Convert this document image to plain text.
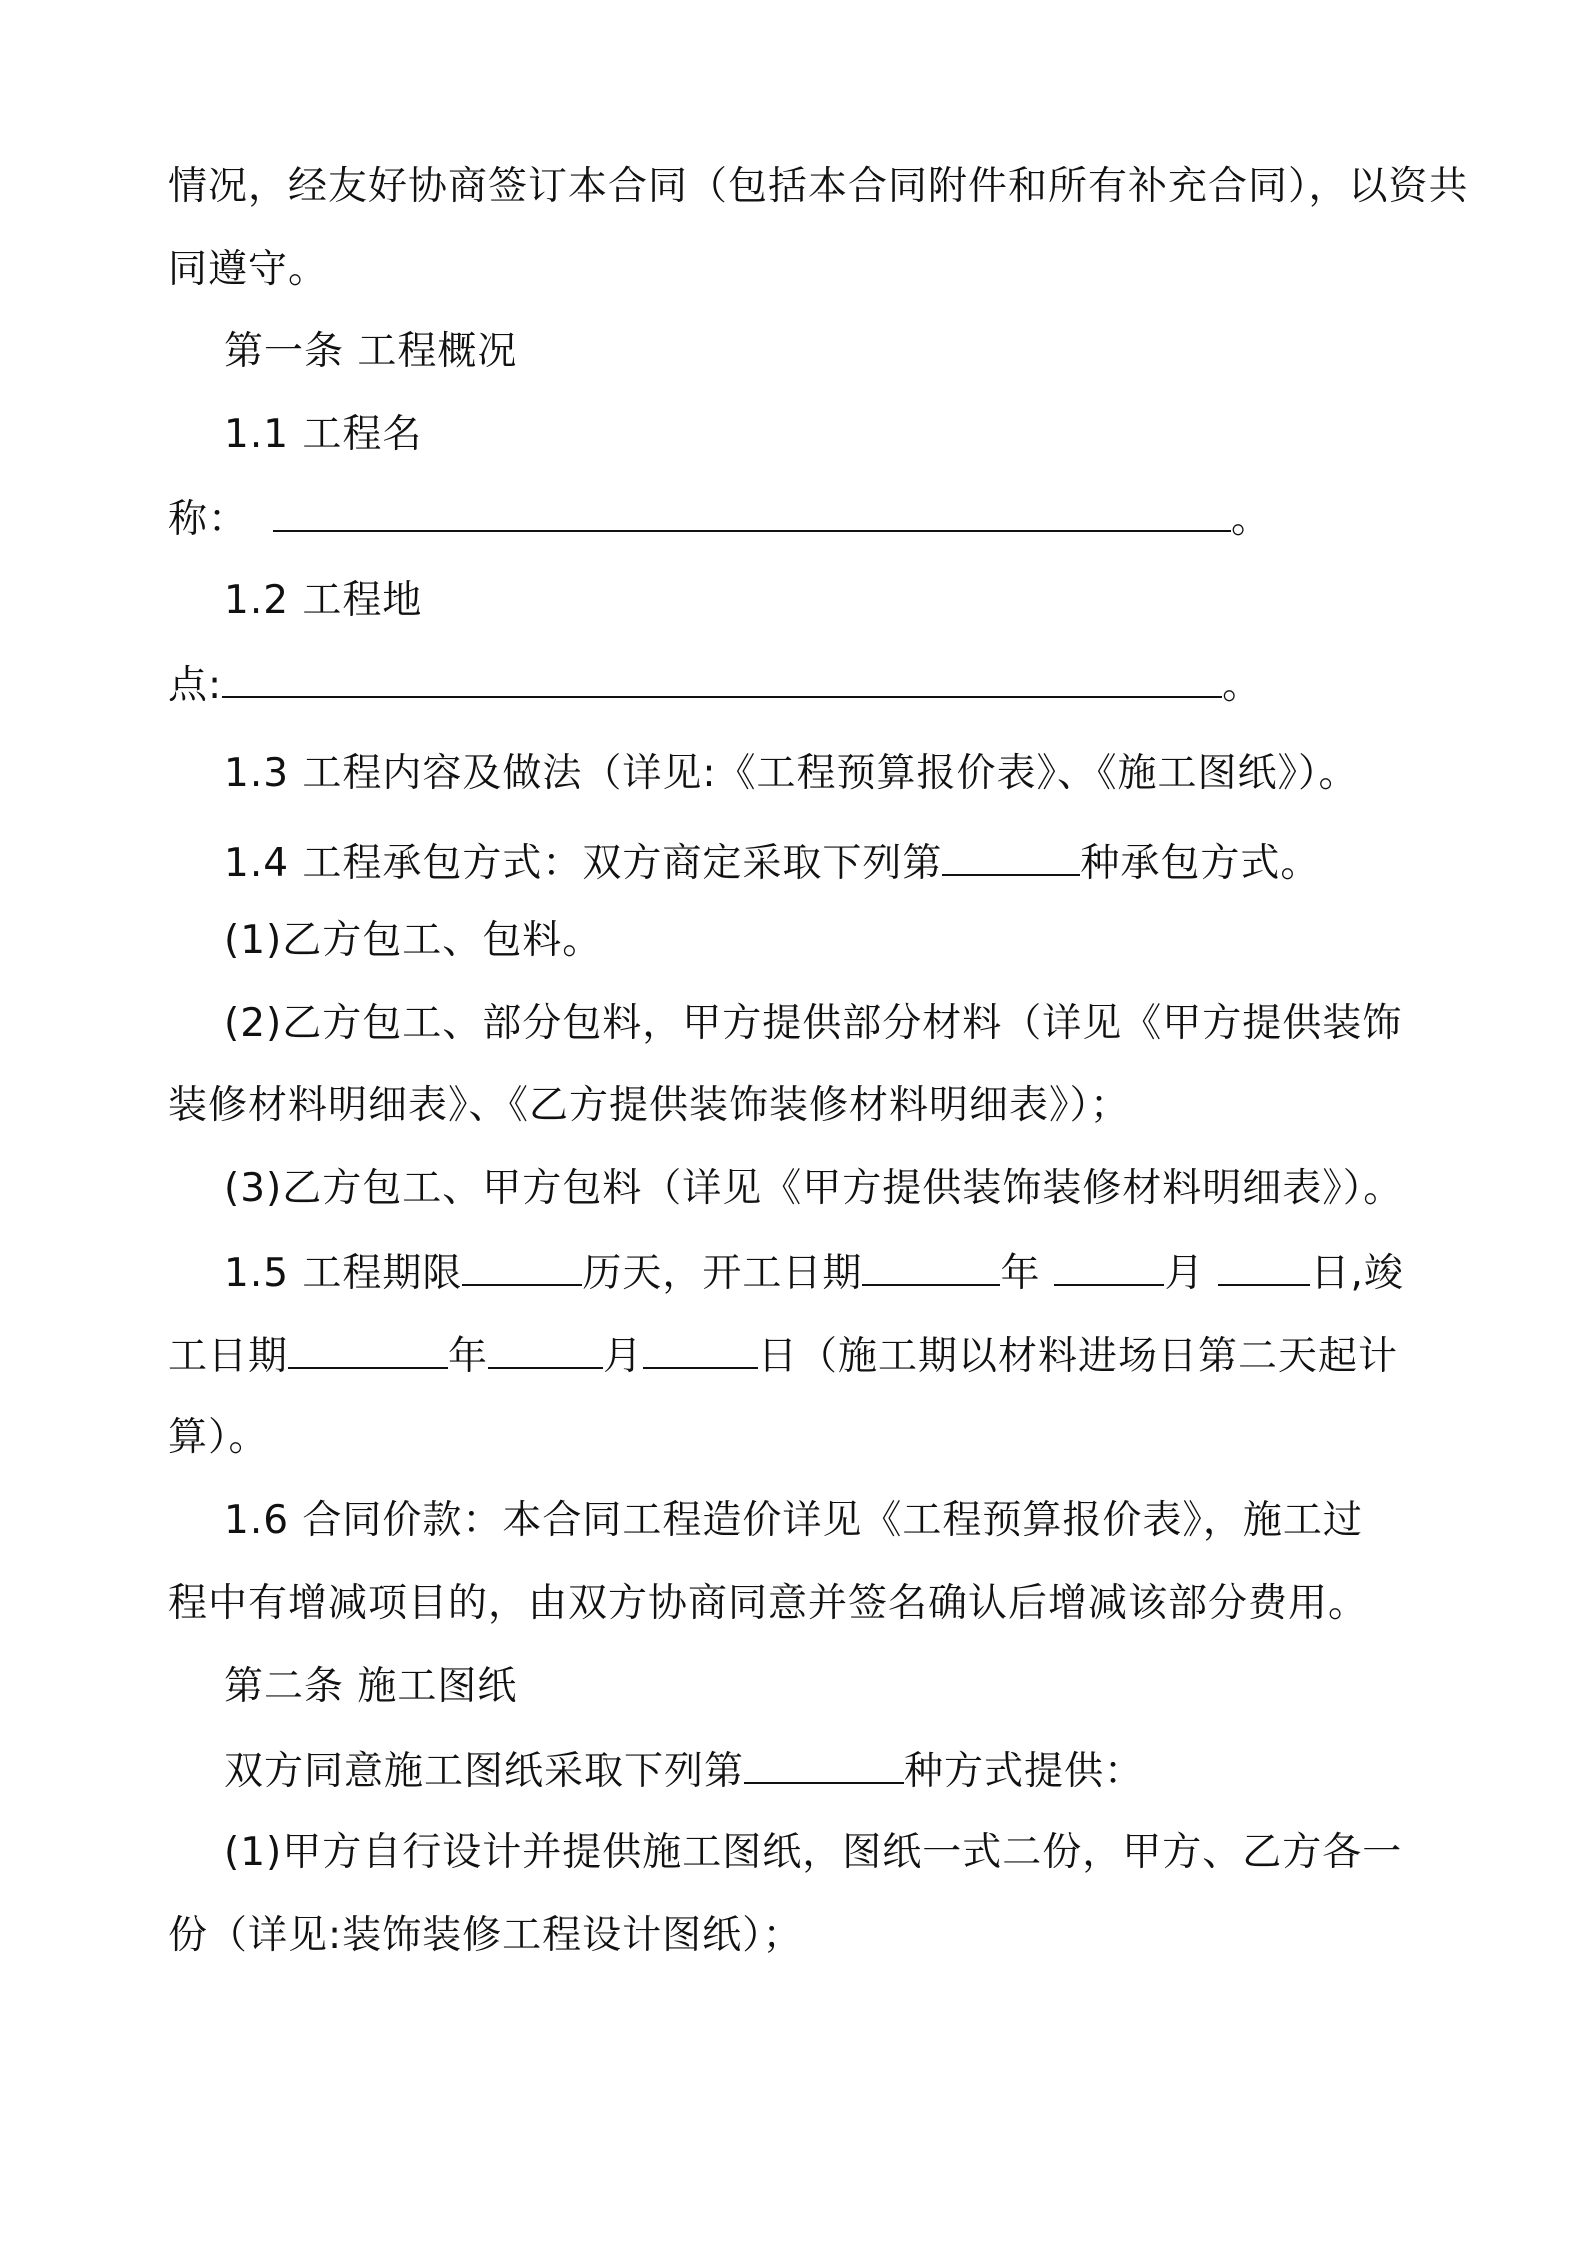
情况，经友好协商签订本合同（包括本合同附件和所有补充合同），以资共
同遵守。
第一条 工程概况
1.1 工程名
称：	。
1.2 工程地
点:	。
1.3 工程内容及做法（详见:《工程预算报价表》、《施工图纸》）。
1.4 工程承包方式：双方商定采取下列第	种承包方式。
(1)乙方包工、包料。
(2)乙方包工、部分包料，甲方提供部分材料（详见《甲方提供装饰
装修材料明细表》、《乙方提供装饰装修材料明细表》）；
(3)乙方包工、甲方包料（详见《甲方提供装饰装修材料明细表》）。
1.5 工程期限	历天，开工日期	年	月	日,竣
工日期	年	月	日（施工期以材料进场日第二天起计
算）。
1.6 合同价款：本合同工程造价详见《工程预算报价表》，施工过
程中有增减项目的，由双方协商同意并签名确认后增减该部分费用。
第二条 施工图纸
双方同意施工图纸采取下列第	种方式提供：
(1)甲方自行设计并提供施工图纸，图纸一式二份，甲方、乙方各一
份（详见:装饰装修工程设计图纸）；
